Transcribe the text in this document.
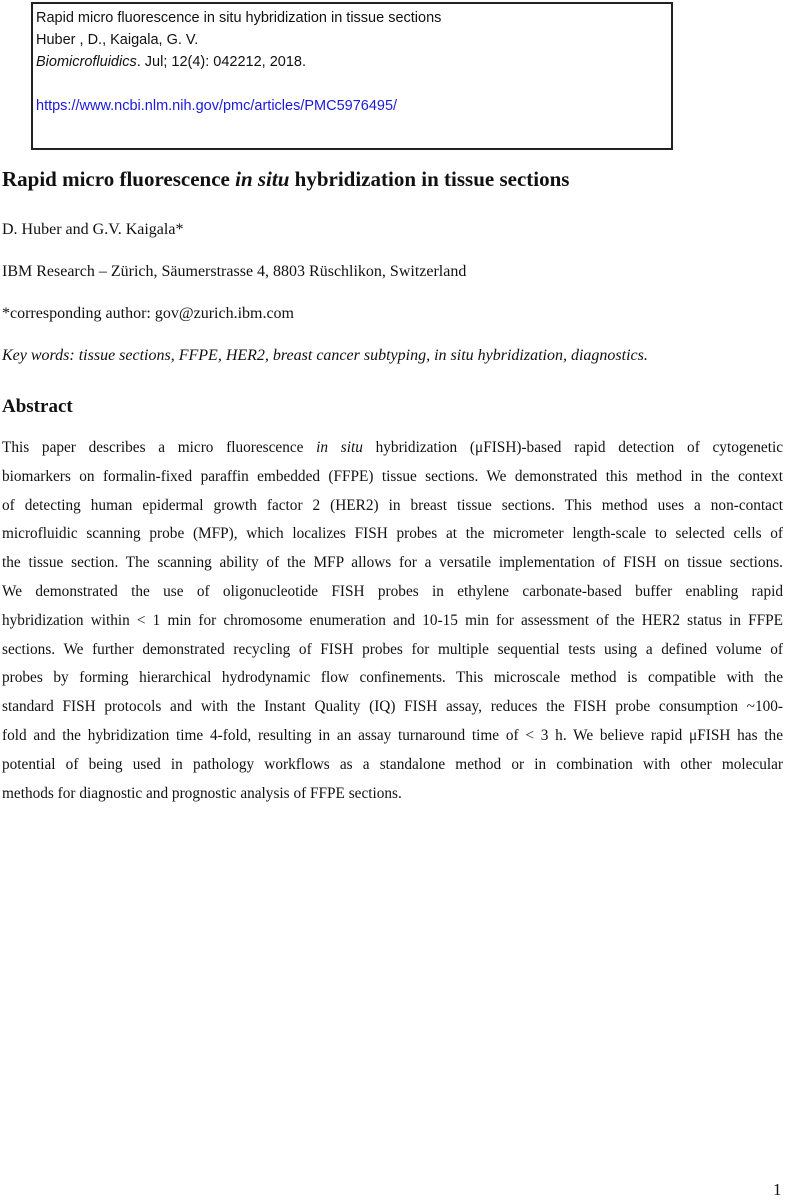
Rapid micro fluorescence in situ hybridization in tissue sections
Huber , D., Kaigala, G. V.
Biomicrofluidics. Jul; 12(4): 042212, 2018.

https://www.ncbi.nlm.nih.gov/pmc/articles/PMC5976495/
Rapid micro fluorescence in situ hybridization in tissue sections
D. Huber and G.V. Kaigala*
IBM Research – Zürich, Säumerstrasse 4, 8803 Rüschlikon, Switzerland
*corresponding author: gov@zurich.ibm.com
Key words: tissue sections, FFPE, HER2, breast cancer subtyping, in situ hybridization, diagnostics.
Abstract
This paper describes a micro fluorescence in situ hybridization (μFISH)-based rapid detection of cytogenetic
biomarkers on formalin-fixed paraffin embedded (FFPE) tissue sections. We demonstrated this method in the context
of detecting human epidermal growth factor 2 (HER2) in breast tissue sections. This method uses a non-contact
microfluidic scanning probe (MFP), which localizes FISH probes at the micrometer length-scale to selected cells of
the tissue section. The scanning ability of the MFP allows for a versatile implementation of FISH on tissue sections.
We demonstrated the use of oligonucleotide FISH probes in ethylene carbonate-based buffer enabling rapid
hybridization within < 1 min for chromosome enumeration and 10-15 min for assessment of the HER2 status in FFPE
sections. We further demonstrated recycling of FISH probes for multiple sequential tests using a defined volume of
probes by forming hierarchical hydrodynamic flow confinements. This microscale method is compatible with the
standard FISH protocols and with the Instant Quality (IQ) FISH assay, reduces the FISH probe consumption ~100-
fold and the hybridization time 4-fold, resulting in an assay turnaround time of < 3 h. We believe rapid μFISH has the
potential of being used in pathology workflows as a standalone method or in combination with other molecular
methods for diagnostic and prognostic analysis of FFPE sections.
1
